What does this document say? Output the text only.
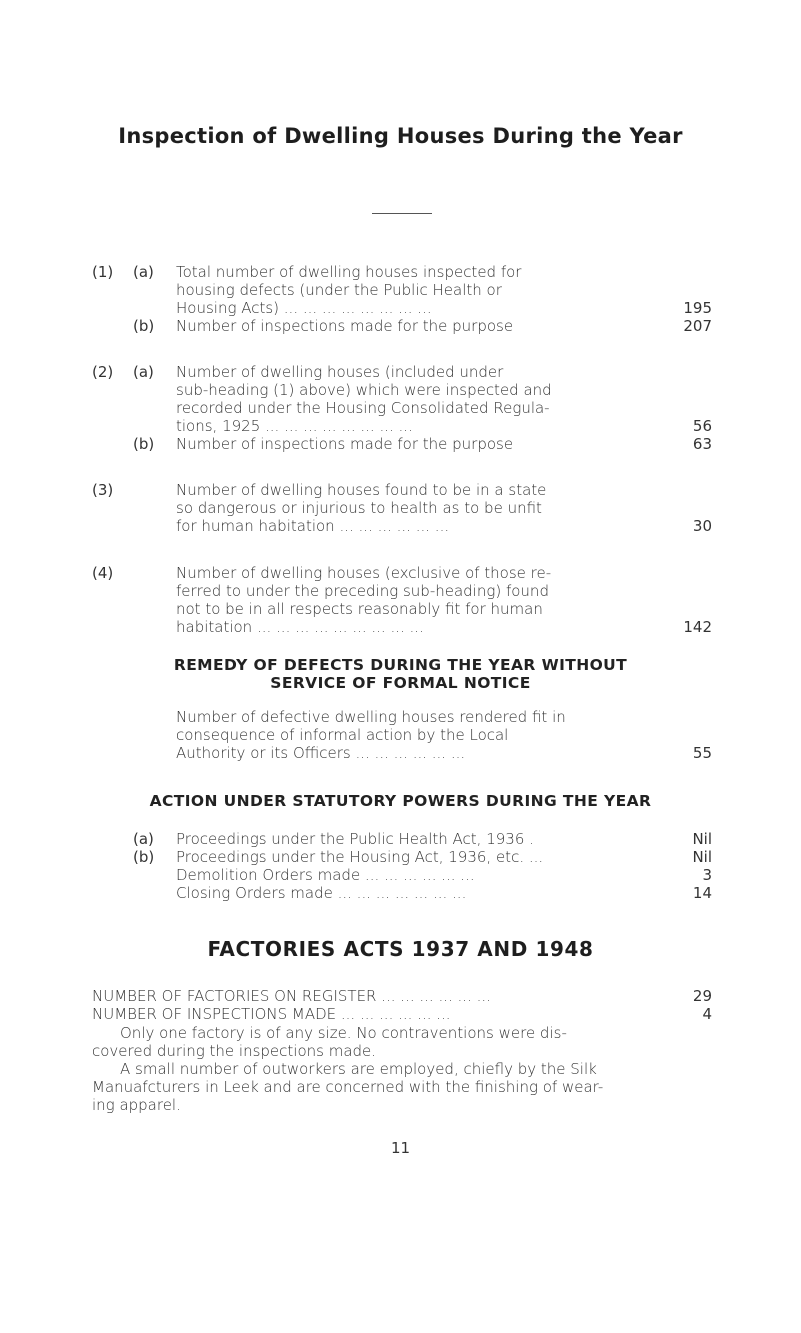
Inspection of Dwelling Houses During the Year
(1) (a) Total number of dwelling houses inspected for
housing defects (under the Public Health or
Housing Acts) ... ... ... ... ... ... ... ...	195
(b) Number of inspections made for the purpose	207
(2) (a) Number of dwelling houses (included under
sub-heading (1) above) which were inspected and
recorded under the Housing Consolidated Regula-
tions, 1925 ... ... ... ... ... ... ... ...	56
(b) Number of inspections made for the purpose	63
(3)	Number of dwelling houses found to be in a state
so dangerous or injurious to health as to be unfit
for human habitation ... ... ... ... ... ...	30
(4)	Number of dwelling houses (exclusive of those re-
ferred to under the preceding sub-heading) found
not to be in all respects reasonably fit for human
habitation ... ... ... ... ... ... ... ... ...	142
REMEDY OF DEFECTS DURING THE YEAR WITHOUT
SERVICE OF FORMAL NOTICE
Number of defective dwelling houses rendered fit in
consequence of informal action by the Local
Authority or its Officers ... ... ... ... ... ...	55
ACTION UNDER STATUTORY POWERS DURING THE YEAR
(a) Proceedings under the Public Health Act, 1936 .	Nil
(b) Proceedings under the Housing Act, 1936, etc. ...	Nil
Demolition Orders made ... ... ... ... ... ...	3
Closing Orders made ... ... ... ... ... ... ...	14
FACTORIES ACTS 1937 AND 1948
NUMBER OF FACTORIES ON REGISTER ... ... ... ... ... ...	29
NUMBER OF INSPECTIONS MADE ... ... ... ... ... ...	4
Only one factory is of any size. No contraventions were dis-
covered during the inspections made.
A small number of outworkers are employed, chiefly by the Silk
Manuafcturers in Leek and are concerned with the finishing of wear-
ing apparel.
11
